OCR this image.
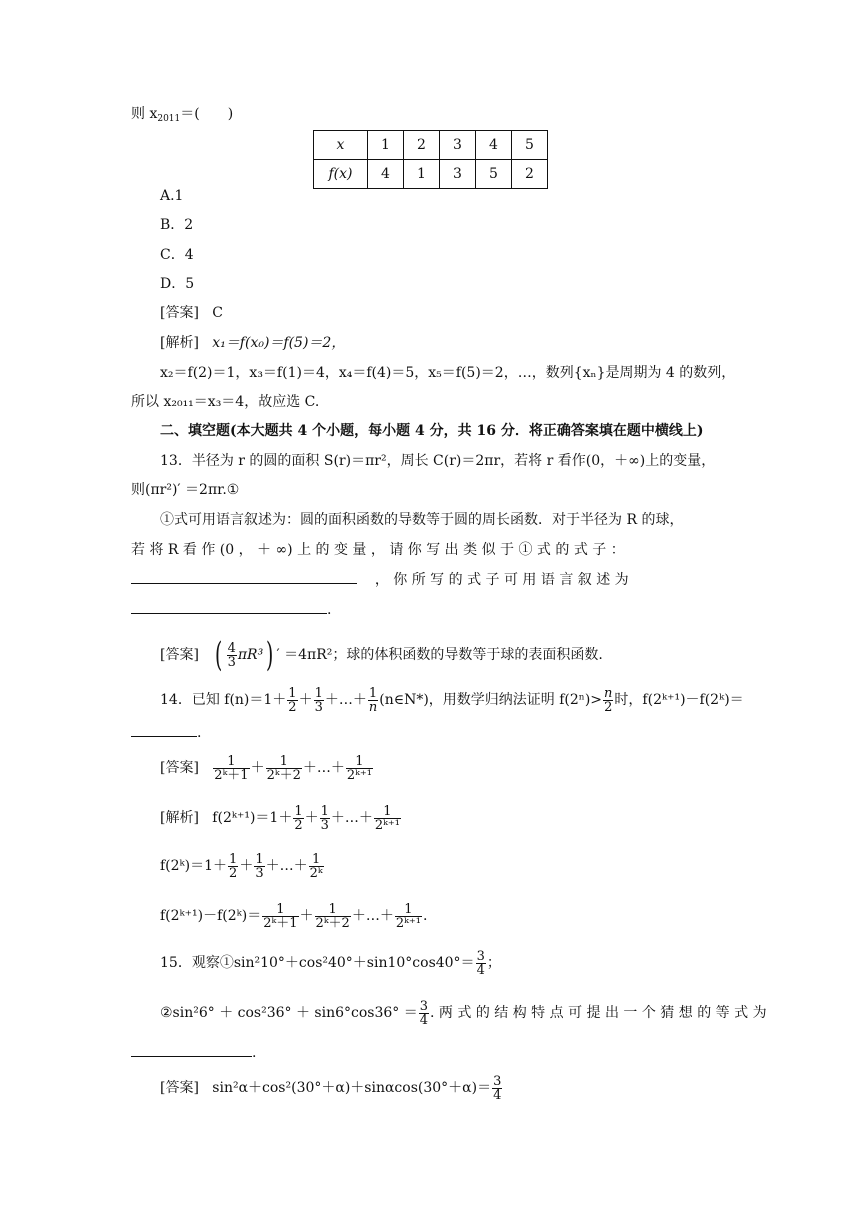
则 $x_{2011}=$(　　)
x	1	2	3	4	5
f(x)	4	1	3	5	2
A.1
B．2
C．4
D．5
[答案] C
[解析] x₁＝f(x₀)＝f(5)＝2，
x₂＝f(2)＝1，x₃＝f(1)＝4，x₄＝f(4)＝5，x₅＝f(5)＝2，…，数列{xₙ}是周期为 4 的数列，
所以 x₂₀₁₁＝x₃＝4，故应选 C.
二、填空题(本大题共 4 个小题，每小题 4 分，共 16 分．将正确答案填在题中横线上)
13．半径为 r 的圆的面积 S(r)＝πr²，周长 C(r)＝2πr，若将 r 看作(0，＋∞)上的变量，
则(πr²)′ ＝2πr.①
①式可用语言叙述为：圆的面积函数的导数等于圆的周长函数．对于半径为 R 的球，
若 将 R 看 作 (0 ， ＋ ∞) 上 的 变 量 ， 请 你 写 出 类 似 于 ① 式 的 式 子 ：
， 你 所 写 的 式 子 可 用 语 言 叙 述 为
.
[答案] ( $\frac{4}{3} \pi R^3$) ′ ＝4πR²；球的体积函数的导数等于球的表面积函数.
14．已知 $f(n)=1+ \frac{1}{2} + \frac{1}{3}$ ＋…＋ $\frac{1}{n}$ (n∈N*)，用数学归纳法证明 $f(2^n)> \frac{n}{2}$ 时，f(2ᵏ⁺¹)－f(2ᵏ)＝
.
[答案] $\frac{1}{\text{2ᵏ＋1}} + \frac{1}{\text{2ᵏ＋2}}$ ＋…＋ $\frac{1}{\text{2ᵏ⁺¹}}$
[解析] f(2ᵏ⁺¹)＝1＋ $\frac{1}{2} + \frac{1}{3}$ ＋…＋ $\frac{1}{\text{2ᵏ⁺¹}}$
f(2ᵏ)＝1＋ $\frac{1}{2} + \frac{1}{3}$ ＋…＋ $\frac{1}{\text{2ᵏ}}$
f(2ᵏ⁺¹)－f(2ᵏ)＝ $\frac{1}{\text{2ᵏ＋1}} + \frac{1}{\text{2ᵏ＋2}}$ ＋…＋ $\frac{1}{\text{2ᵏ⁺¹}}$ .
15．观察①sin²10°＋cos²40°＋sin10°cos40°＝ $\frac{3}{4}$ ；
②sin²6° ＋ $\cos^236^\circ + \sin 6^\circ\cos 36^\circ = \frac{3}{4}$ . 两 式 的 结 构 特 点 可 提 出 一 个 猜 想 的 等 式 为
.
[答案] $\sin^2\alpha+\cos^2(30^\circ+\alpha)+\sin\alpha\cos(30^\circ+\alpha)= \frac{3}{4}$
